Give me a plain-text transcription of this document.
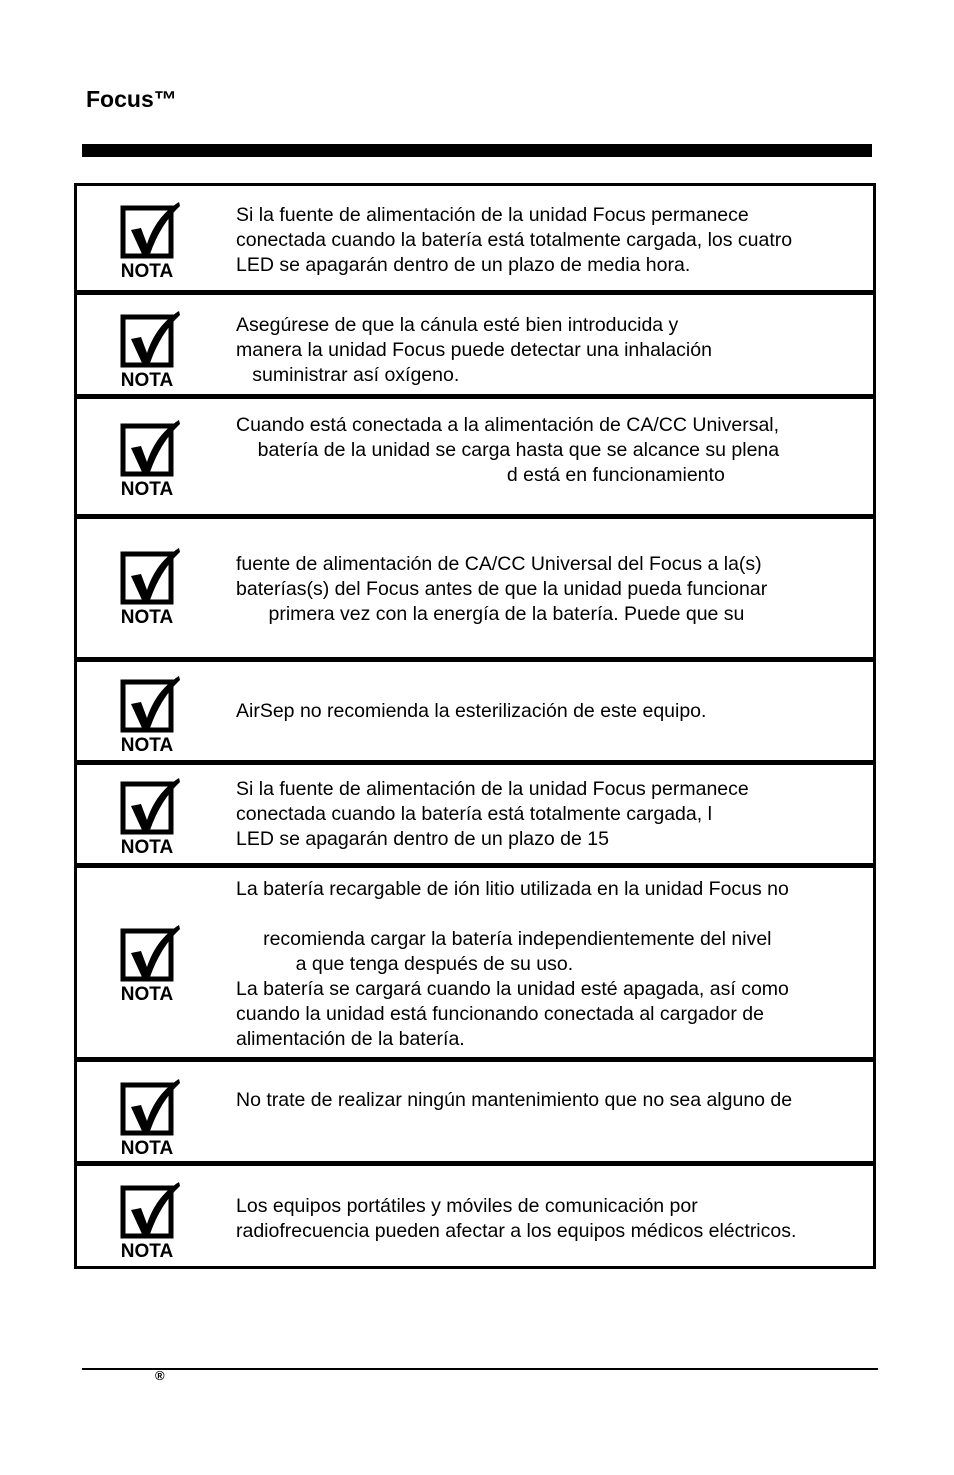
Focus™
NOTA
Si la fuente de alimentación de la unidad Focus permanece
conectada cuando la batería está totalmente cargada, los cuatro
LED se apagarán dentro de un plazo de media hora.
NOTA
Asegúrese de que la cánula esté bien introducida y
manera la unidad Focus puede detectar una inhalación
suministrar así oxígeno.
NOTA
Cuando está conectada a la alimentación de CA/CC Universal,
batería de la unidad se carga hasta que se alcance su plena
d está en funcionamiento
NOTA
fuente de alimentación de CA/CC Universal del Focus a la(s)
baterías(s) del Focus antes de que la unidad pueda funcionar
primera vez con la energía de la batería. Puede que su
NOTA
AirSep no recomienda la esterilización de este equipo.
NOTA
Si la fuente de alimentación de la unidad Focus permanece
conectada cuando la batería está totalmente cargada, l
LED se apagarán dentro de un plazo de 15
NOTA
La batería recargable de ión litio utilizada en la unidad Focus no

recomienda cargar la batería independientemente del nivel
a que tenga después de su uso.
La batería se cargará cuando la unidad esté apagada, así como
cuando la unidad está funcionando conectada al cargador de
alimentación de la batería.
NOTA
No trate de realizar ningún mantenimiento que no sea alguno de
NOTA
Los equipos portátiles y móviles de comunicación por
radiofrecuencia pueden afectar a los equipos médicos eléctricos.
®
